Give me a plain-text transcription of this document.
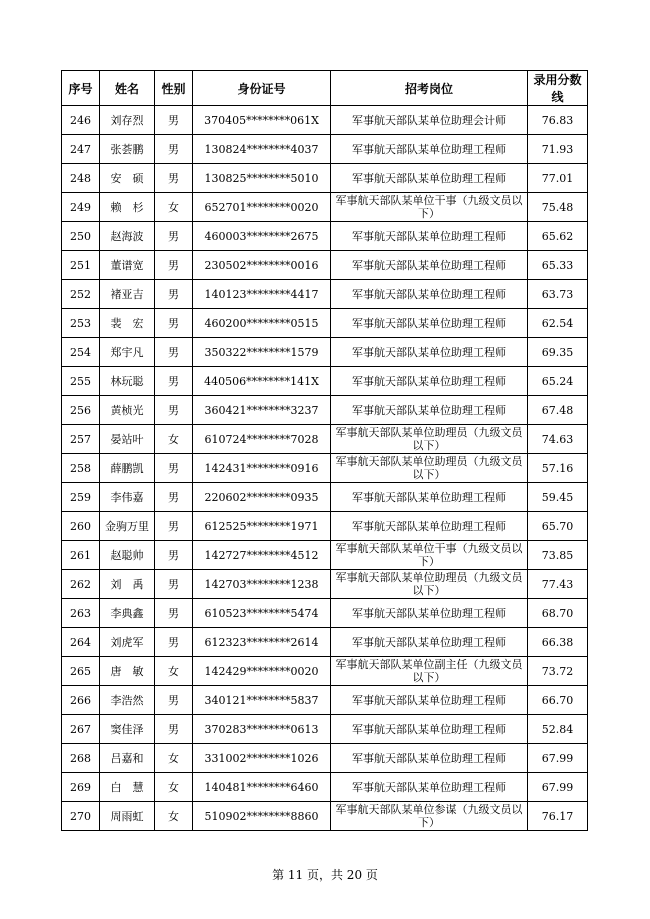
序号	姓名	性别	身份证号	招考岗位	录用分数线
246	刘存烈	男	370405********061X	军事航天部队某单位助理会计师	76.83
247	张荟鹏	男	130824********4037	军事航天部队某单位助理工程师	71.93
248	安　硕	男	130825********5010	军事航天部队某单位助理工程师	77.01
249	赖　杉	女	652701********0020	军事航天部队某单位干事（九级文员以下）	75.48
250	赵海波	男	460003********2675	军事航天部队某单位助理工程师	65.62
251	董谱宽	男	230502********0016	军事航天部队某单位助理工程师	65.33
252	褚亚吉	男	140123********4417	军事航天部队某单位助理工程师	63.73
253	裴　宏	男	460200********0515	军事航天部队某单位助理工程师	62.54
254	郑宇凡	男	350322********1579	军事航天部队某单位助理工程师	69.35
255	林玩聪	男	440506********141X	军事航天部队某单位助理工程师	65.24
256	黄桢光	男	360421********3237	军事航天部队某单位助理工程师	67.48
257	晏站叶	女	610724********7028	军事航天部队某单位助理员（九级文员以下）	74.63
258	薛鹏凯	男	142431********0916	军事航天部队某单位助理员（九级文员以下）	57.16
259	李伟嘉	男	220602********0935	军事航天部队某单位助理工程师	59.45
260	金驹万里	男	612525********1971	军事航天部队某单位助理工程师	65.70
261	赵聪帅	男	142727********4512	军事航天部队某单位干事（九级文员以下）	73.85
262	刘　禹	男	142703********1238	军事航天部队某单位助理员（九级文员以下）	77.43
263	李典鑫	男	610523********5474	军事航天部队某单位助理工程师	68.70
264	刘虎军	男	612323********2614	军事航天部队某单位助理工程师	66.38
265	唐　敏	女	142429********0020	军事航天部队某单位副主任（九级文员以下）	73.72
266	李浩然	男	340121********5837	军事航天部队某单位助理工程师	66.70
267	窦佳泽	男	370283********0613	军事航天部队某单位助理工程师	52.84
268	吕嘉和	女	331002********1026	军事航天部队某单位助理工程师	67.99
269	白　慧	女	140481********6460	军事航天部队某单位助理工程师	67.99
270	周雨虹	女	510902********8860	军事航天部队某单位参谋（九级文员以下）	76.17
第 11 页，共 20 页
